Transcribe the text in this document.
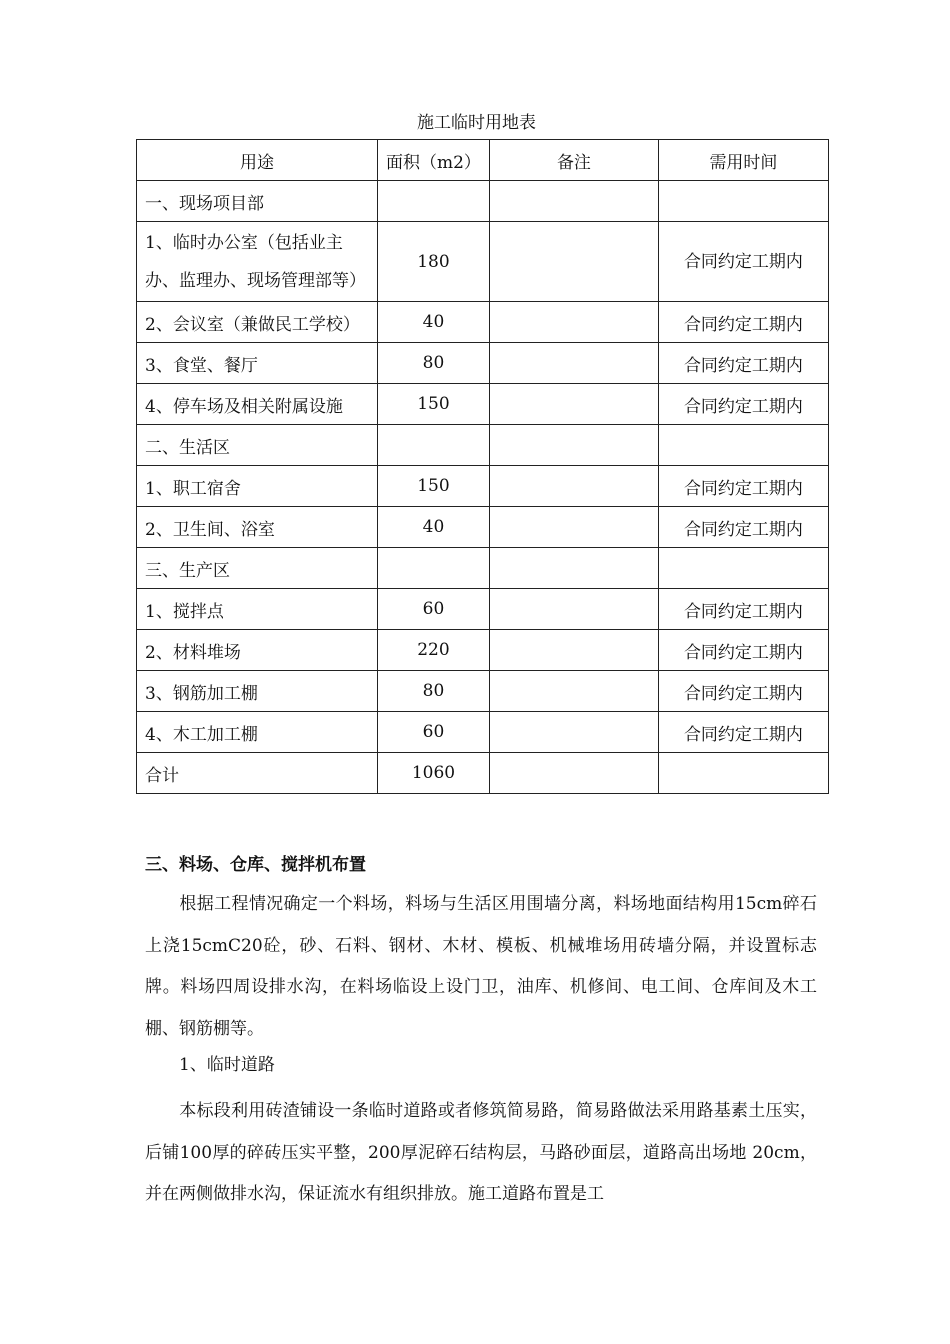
施工临时用地表
用途	面积（m2）	备注	需用时间
一、现场项目部			
1、临时办公室（包括业主办、监理办、现场管理部等）	180		合同约定工期内
2、会议室（兼做民工学校）	40		合同约定工期内
3、食堂、餐厅	80		合同约定工期内
4、停车场及相关附属设施	150		合同约定工期内
二、生活区			
1、职工宿舍	150		合同约定工期内
2、卫生间、浴室	40		合同约定工期内
三、生产区			
1、搅拌点	60		合同约定工期内
2、材料堆场	220		合同约定工期内
3、钢筋加工棚	80		合同约定工期内
4、木工加工棚	60		合同约定工期内
合计	1060		
三、料场、仓库、搅拌机布置
根据工程情况确定一个料场，料场与生活区用围墙分离，料场地面结构用15cm碎石上浇15cmC20砼，砂、石料、钢材、木材、模板、机械堆场用砖墙分隔，并设置标志牌。料场四周设排水沟，在料场临设上设门卫，油库、机修间、电工间、仓库间及木工棚、钢筋棚等。
1、临时道路
本标段利用砖渣铺设一条临时道路或者修筑简易路，简易路做法采用路基素土压实，后铺100厚的碎砖压实平整，200厚泥碎石结构层，马路砂面层，道路高出场地 20cm，并在两侧做排水沟，保证流水有组织排放。施工道路布置是工
